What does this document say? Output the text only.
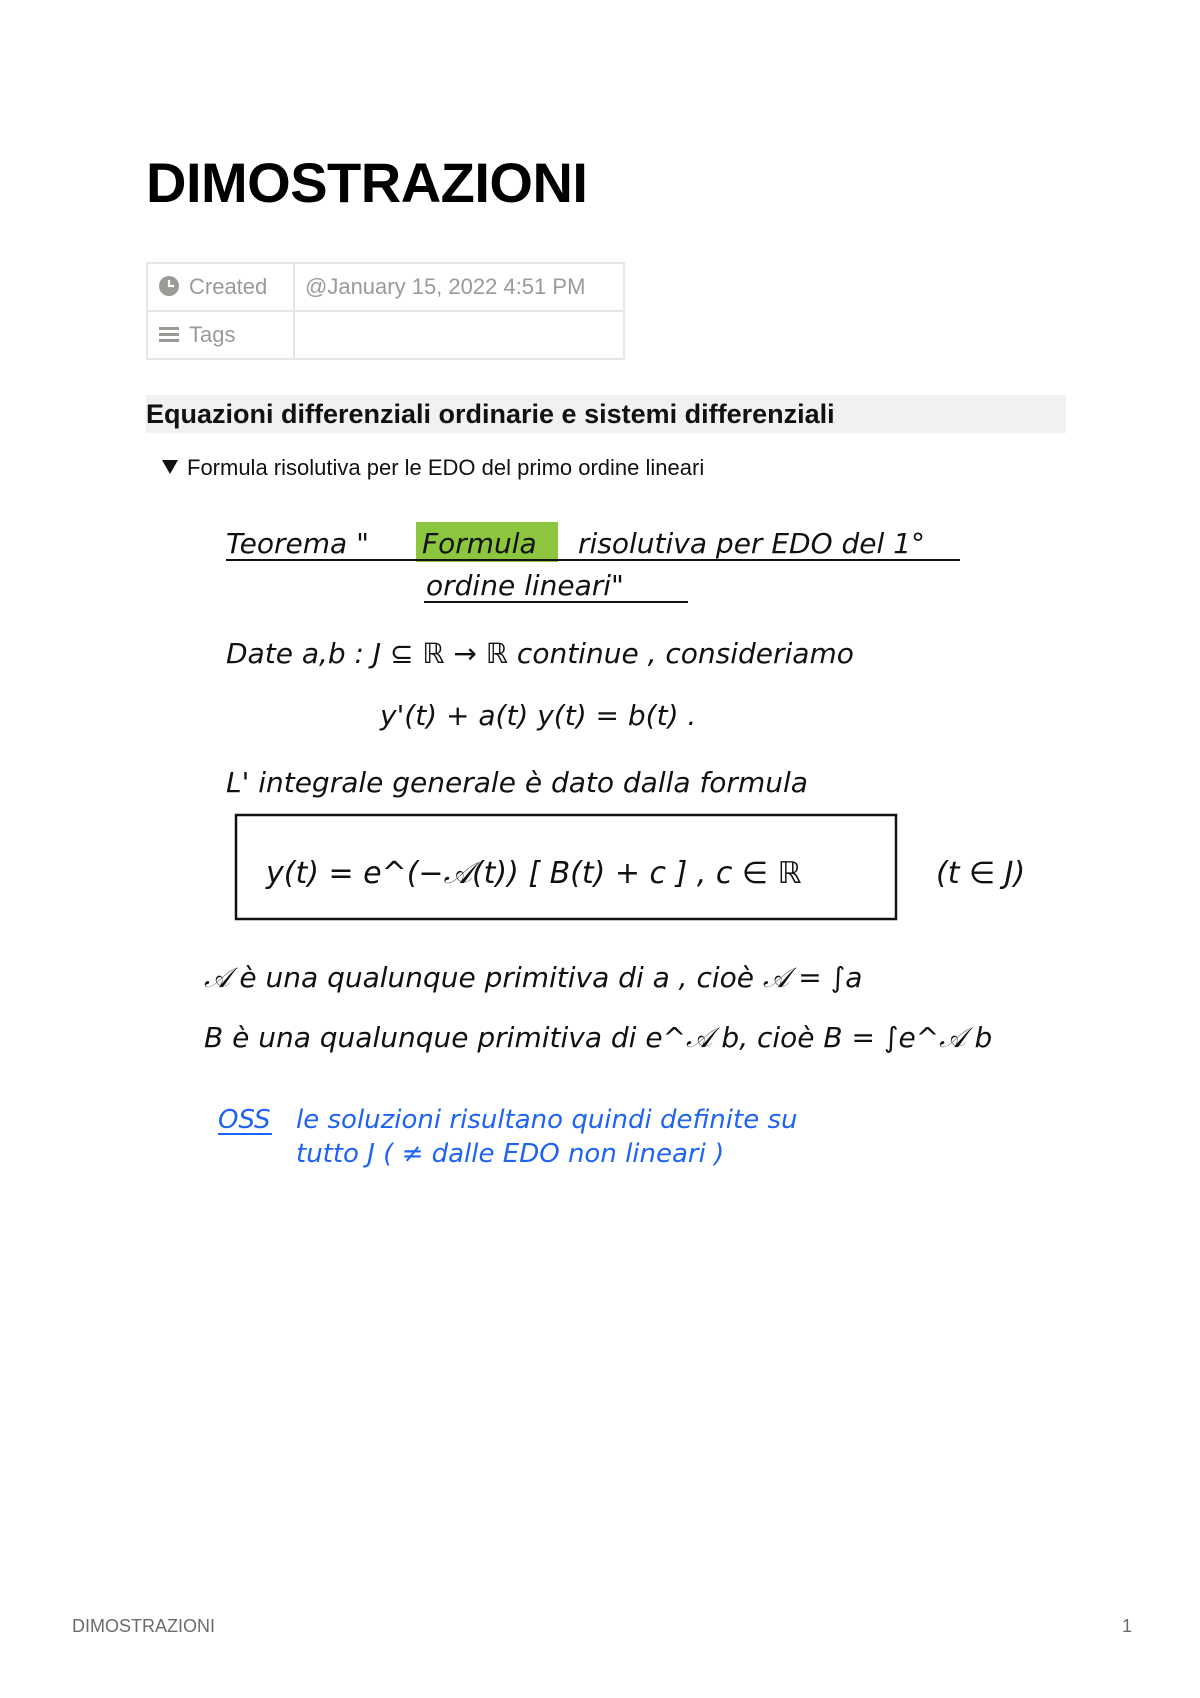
DIMOSTRAZIONI
Created	@January 15, 2022 4:51 PM
Tags	
Equazioni differenziali ordinarie e sistemi differenziali
Formula risolutiva per le EDO del primo ordine lineari
Teorema " Formula risolutiva per EDO del 1°
ordine lineari"
Date a,b : J ⊆ ℝ → ℝ continue , consideriamo
y'(t) + a(t) y(t) = b(t) .
L' integrale generale è dato dalla formula
y(t) = e^(−𝒜(t)) [ B(t) + c ] , c ∈ ℝ	(t ∈ J)
𝒜 è una qualunque primitiva di a , cioè 𝒜 = ∫a
B è una qualunque primitiva di e^𝒜 b, cioè B = ∫e^𝒜 b
OSS le soluzioni risultano quindi definite su
tutto J ( ≠ dalle EDO non lineari )
DIMOSTRAZIONI	1
